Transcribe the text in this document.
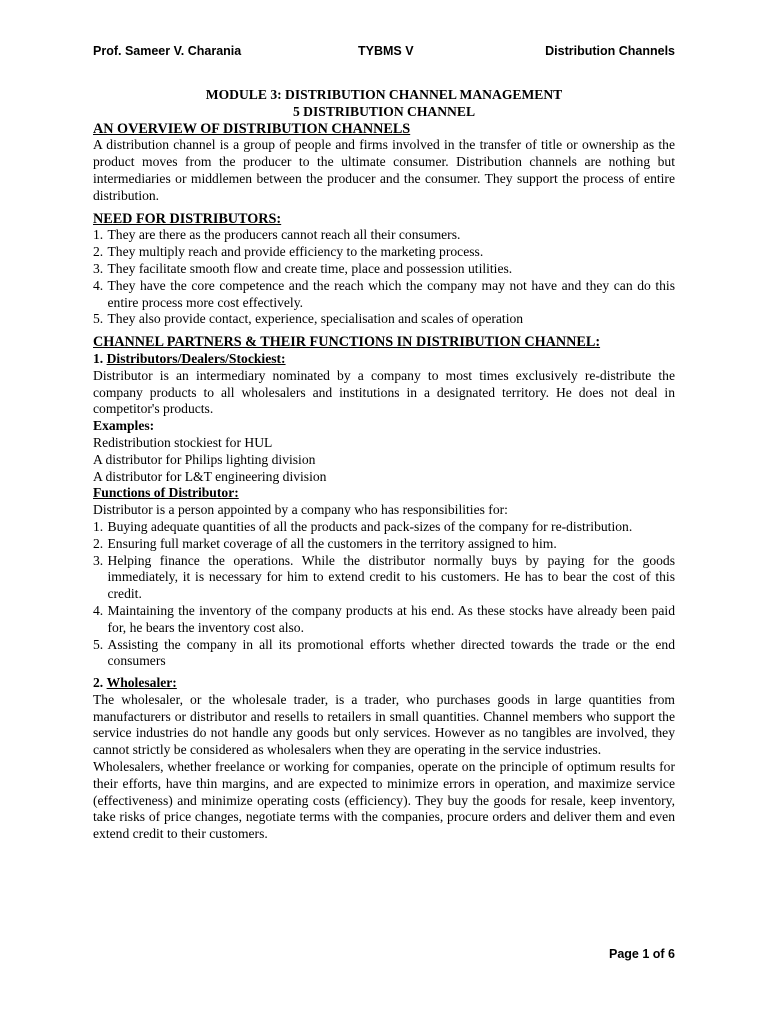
Prof. Sameer V. Charania	TYBMS V	Distribution Channels
MODULE 3: DISTRIBUTION CHANNEL MANAGEMENT
5 DISTRIBUTION CHANNEL
AN OVERVIEW OF DISTRIBUTION CHANNELS

A distribution channel is a group of people and firms involved in the transfer of title or ownership as the product moves from the producer to the ultimate consumer. Distribution channels are nothing but intermediaries or middlemen between the producer and the consumer. They support the process of entire distribution.

NEED FOR DISTRIBUTORS:
1. They are there as the producers cannot reach all their consumers.
2. They multiply reach and provide efficiency to the marketing process.
3. They facilitate smooth flow and create time, place and possession utilities.
4. They have the core competence and the reach which the company may not have and they can do this entire process more cost effectively.
5. They also provide contact, experience, specialisation and scales of operation
CHANNEL PARTNERS & THEIR FUNCTIONS IN DISTRIBUTION CHANNEL:
1. Distributors/Dealers/Stockiest:

Distributor is an intermediary nominated by a company to most times exclusively re-distribute the company products to all wholesalers and institutions in a designated territory. He does not deal in competitor's products.

Examples:
Redistribution stockiest for HUL
A distributor for Philips lighting division
A distributor for L&T engineering division
Functions of Distributor:
Distributor is a person appointed by a company who has responsibilities for:
1. Buying adequate quantities of all the products and pack-sizes of the company for re-distribution.
2. Ensuring full market coverage of all the customers in the territory assigned to him.
3. Helping finance the operations. While the distributor normally buys by paying for the goods immediately, it is necessary for him to extend credit to his customers. He has to bear the cost of this credit.
4. Maintaining the inventory of the company products at his end. As these stocks have already been paid for, he bears the inventory cost also.
5. Assisting the company in all its promotional efforts whether directed towards the trade or the end consumers
2. Wholesaler:

The wholesaler, or the wholesale trader, is a trader, who purchases goods in large quantities from manufacturers or distributor and resells to retailers in small quantities. Channel members who support the service industries do not handle any goods but only services. However as no tangibles are involved, they cannot strictly be considered as wholesalers when they are operating in the service industries.

Wholesalers, whether freelance or working for companies, operate on the principle of optimum results for their efforts, have thin margins, and are expected to minimize errors in operation, and maximize service (effectiveness) and minimize operating costs (efficiency). They buy the goods for resale, keep inventory, take risks of price changes, negotiate terms with the companies, procure orders and deliver them and even extend credit to their customers.

Page 1 of 6
